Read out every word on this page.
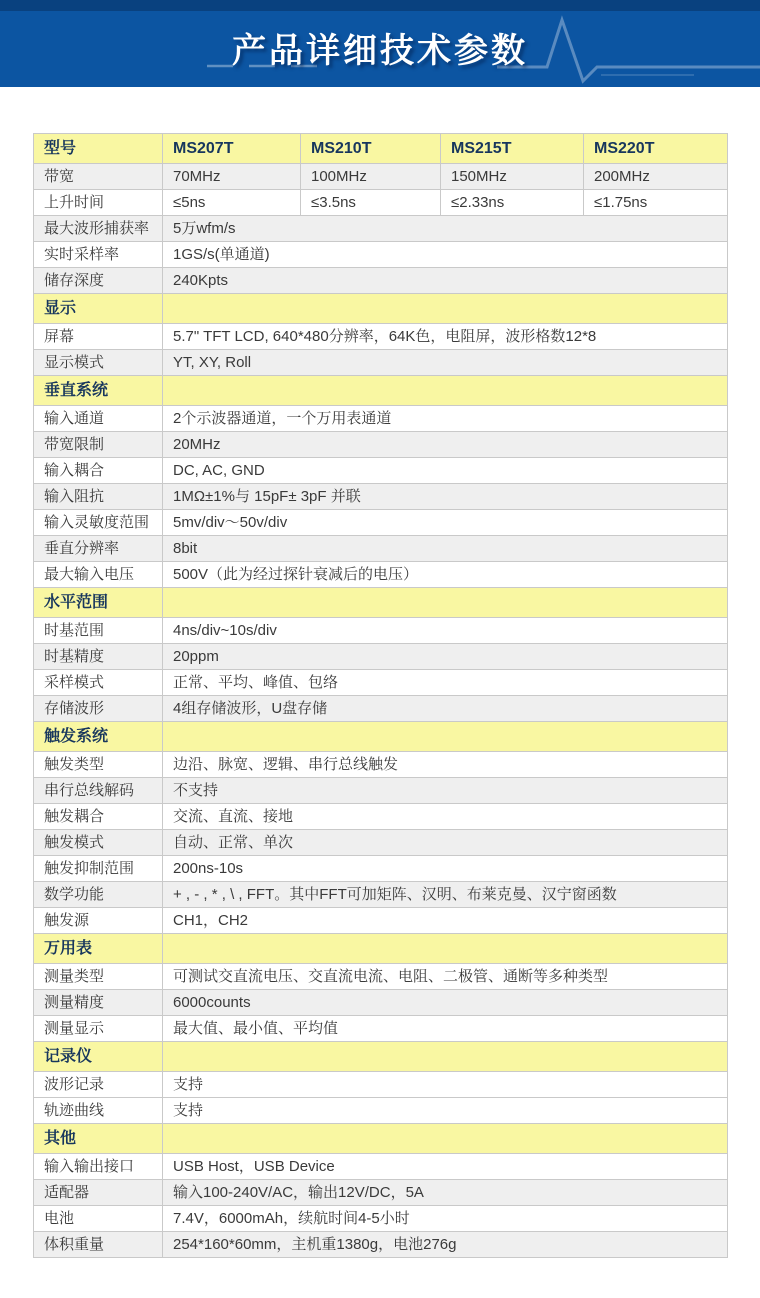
产品详细技术参数
型号	MS207T	MS210T	MS215T	MS220T
带宽	70MHz	100MHz	150MHz	200MHz
上升时间	≤5ns	≤3.5ns	≤2.33ns	≤1.75ns
最大波形捕获率	5万wfm/s			
实时采样率	1GS/s(单通道)			
储存深度	240Kpts			
显示				
屏幕	5.7" TFT LCD, 640*480分辨率，64K色，电阻屏，波形格数12*8			
显示模式	YT, XY, Roll			
垂直系统				
输入通道	2个示波器通道，一个万用表通道			
带宽限制	20MHz			
输入耦合	DC, AC, GND			
输入阻抗	1MΩ±1%与 15pF± 3pF 并联			
输入灵敏度范围	5mv/div～50v/div			
垂直分辨率	8bit			
最大输入电压	500V（此为经过探针衰减后的电压）			
水平范围				
时基范围	4ns/div~10s/div			
时基精度	20ppm			
采样模式	正常、平均、峰值、包络			
存储波形	4组存储波形，U盘存储			
触发系统				
触发类型	边沿、脉宽、逻辑、串行总线触发			
串行总线解码	不支持			
触发耦合	交流、直流、接地			
触发模式	自动、正常、单次			
触发抑制范围	200ns-10s			
数学功能	+ , - , * , \ , FFT。其中FFT可加矩阵、汉明、布莱克曼、汉宁窗函数			
触发源	CH1，CH2			
万用表				
测量类型	可测试交直流电压、交直流电流、电阻、二极管、通断等多种类型			
测量精度	6000counts			
测量显示	最大值、最小值、平均值			
记录仪				
波形记录	支持			
轨迹曲线	支持			
其他				
输入输出接口	USB Host，USB Device			
适配器	输入100-240V/AC，输出12V/DC，5A			
电池	7.4V，6000mAh，续航时间4-5小时			
体积重量	254*160*60mm，主机重1380g，电池276g			
